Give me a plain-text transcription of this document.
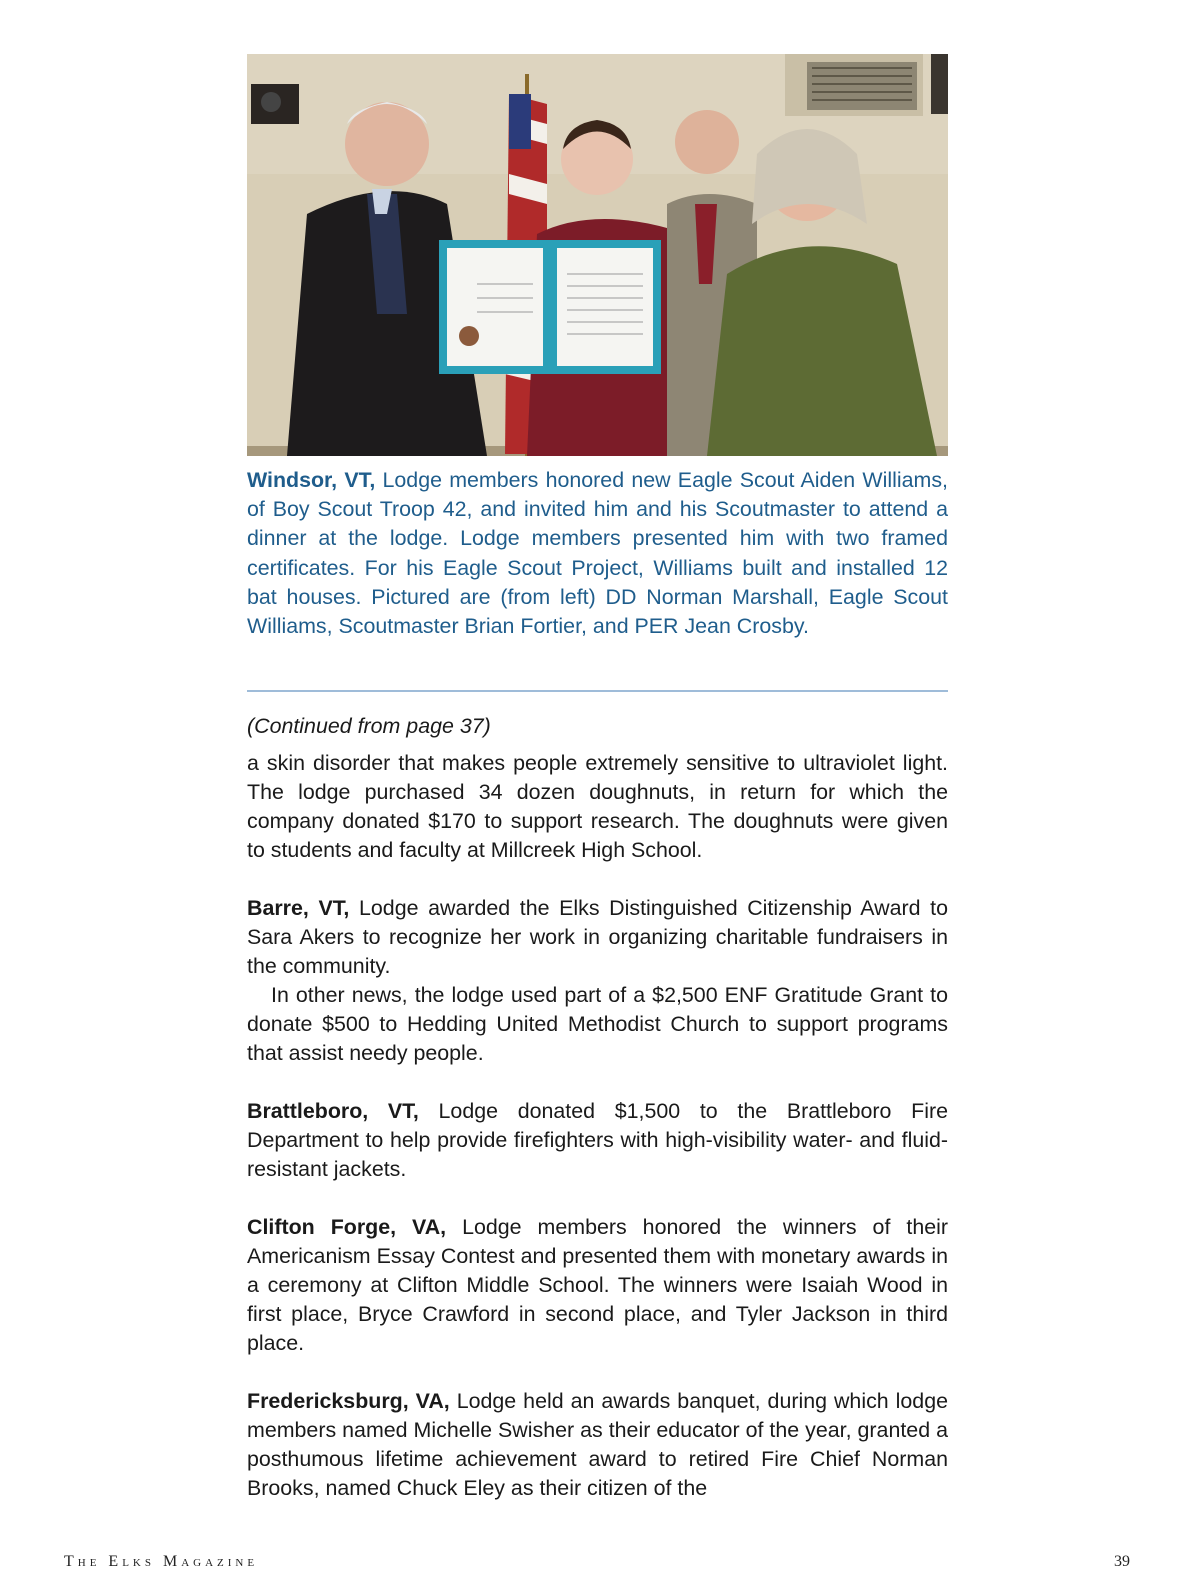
Windsor, VT, Lodge members honored new Eagle Scout Aiden Williams, of Boy Scout Troop 42, and invited him and his Scoutmaster to attend a dinner at the lodge. Lodge members presented him with two framed certificates. For his Eagle Scout Project, Williams built and installed 12 bat houses. Pictured are (from left) DD Norman Marshall, Eagle Scout Williams, Scoutmaster Brian Fortier, and PER Jean Crosby.

(Continued from page 37)

a skin disorder that makes people extremely sensitive to ultraviolet light. The lodge purchased 34 dozen doughnuts, in return for which the company donated $170 to support research. The doughnuts were given to students and faculty at Millcreek High School.

Barre, VT, Lodge awarded the Elks Distinguished Citizenship Award to Sara Akers to recognize her work in organizing charitable fundraisers in the community.

In other news, the lodge used part of a $2,500 ENF Gratitude Grant to donate $500 to Hedding United Methodist Church to support programs that assist needy people.

Brattleboro, VT, Lodge donated $1,500 to the Brattleboro Fire Department to help provide firefighters with high-visibility water- and fluid-resistant jackets.

Clifton Forge, VA, Lodge members honored the winners of their Americanism Essay Contest and presented them with monetary awards in a ceremony at Clifton Middle School. The winners were Isaiah Wood in first place, Bryce Crawford in second place, and Tyler Jackson in third place.

Fredericksburg, VA, Lodge held an awards banquet, during which lodge members named Michelle Swisher as their educator of the year, granted a posthumous lifetime achievement award to retired Fire Chief Norman Brooks, named Chuck Eley as their citizen of the

The Elks Magazine	39
